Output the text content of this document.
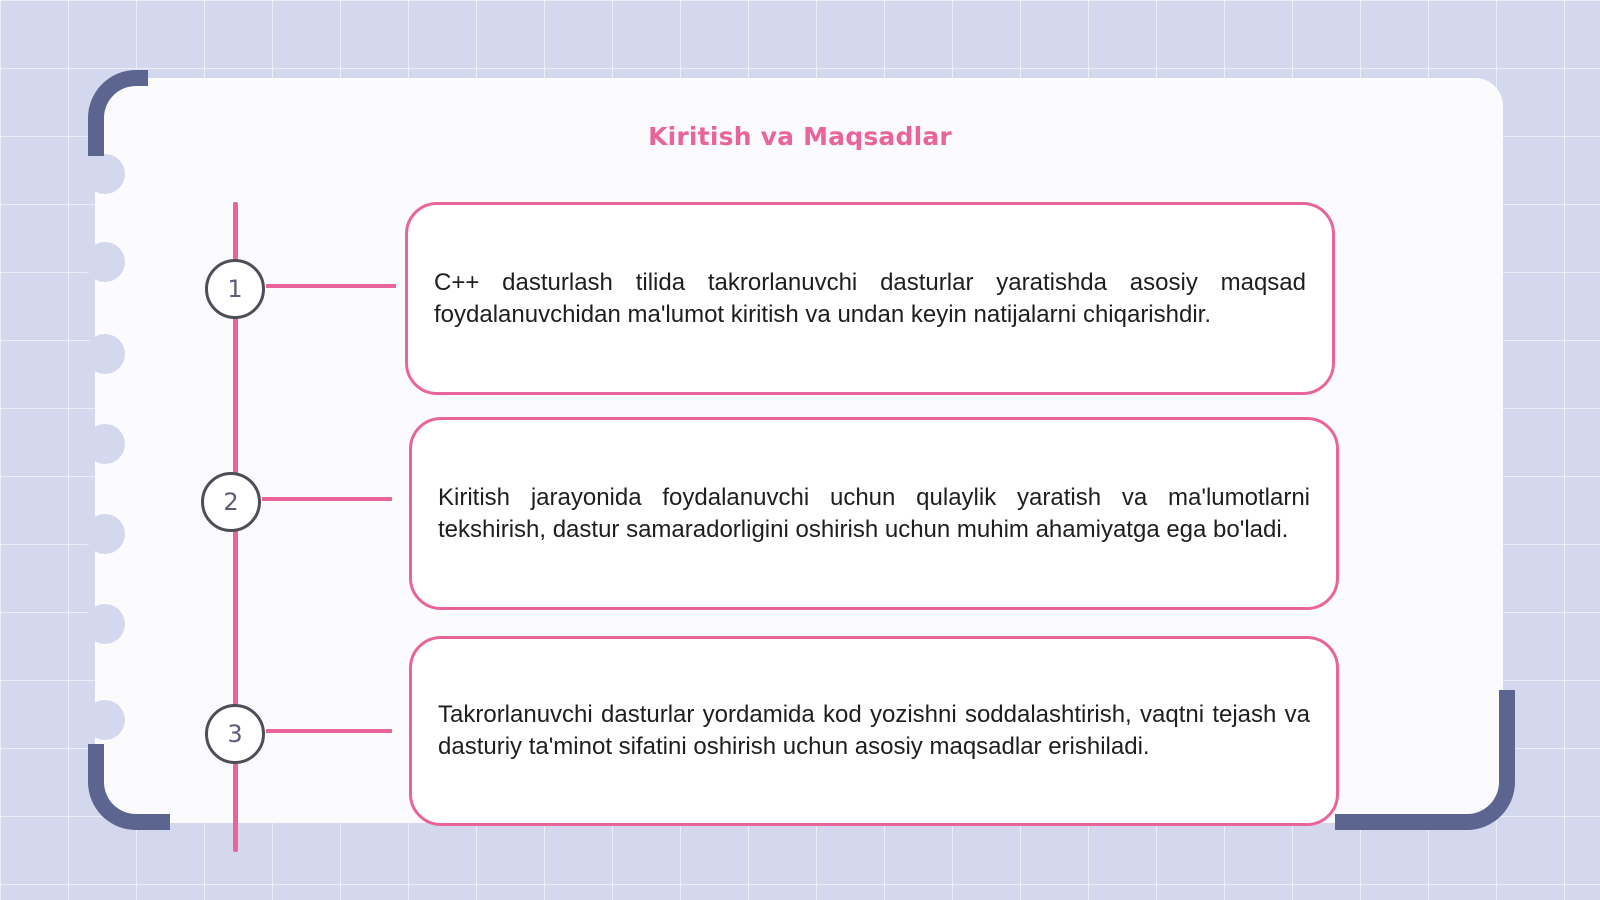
Kiritish va Maqsadlar
1
2
3
C++ dasturlash tilida takrorlanuvchi dasturlar yaratishda asosiy maqsad foydalanuvchidan ma'lumot kiritish va undan keyin natijalarni chiqarishdir.
Kiritish jarayonida foydalanuvchi uchun qulaylik yaratish va ma'lumotlarni tekshirish, dastur samaradorligini oshirish uchun muhim ahamiyatga ega bo'ladi.
Takrorlanuvchi dasturlar yordamida kod yozishni soddalashtirish, vaqtni tejash va dasturiy ta'minot sifatini oshirish uchun asosiy maqsadlar erishiladi.
